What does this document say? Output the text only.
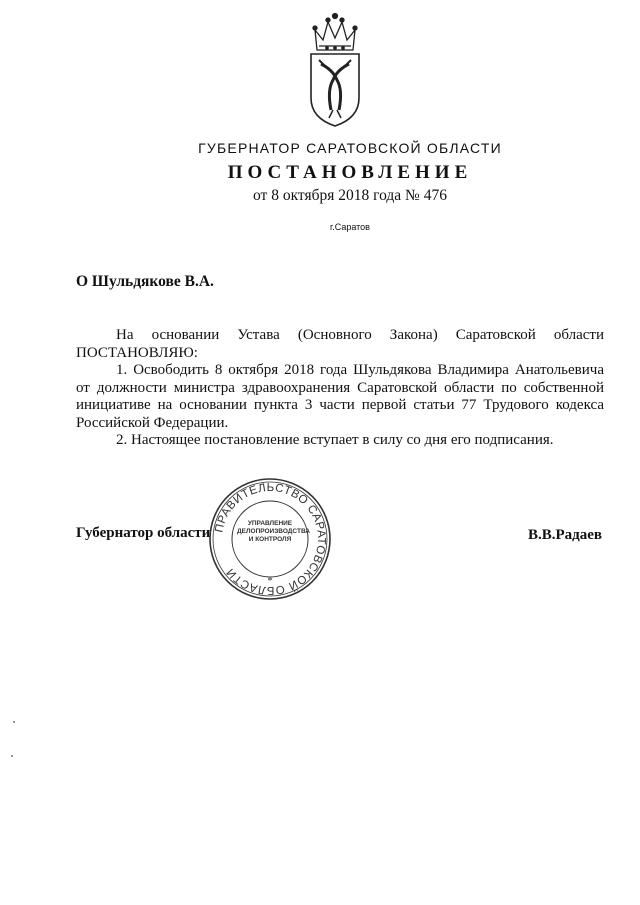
ГУБЕРНАТОР САРАТОВСКОЙ ОБЛАСТИ
ПОСТАНОВЛЕНИЕ
от 8 октября 2018 года № 476
г.Саратов
О Шульдякове В.А.
На основании Устава (Основного Закона) Саратовской области ПОСТАНОВЛЯЮ:
1. Освободить 8 октября 2018 года Шульдякова Владимира Анатольевича от должности министра здравоохранения Саратовской области по собственной инициативе на основании пункта 3 части первой статьи 77 Трудового кодекса Российской Федерации.
2. Настоящее постановление вступает в силу со дня его подписания.
Губернатор области	В.В.Радаев
ПРАВИТЕЛЬСТВО САРАТОВСКОЙ ОБЛАСТИ
*
УПРАВЛЕНИЕ
ДЕЛОПРОИЗВОДСТВА
И КОНТРОЛЯ
